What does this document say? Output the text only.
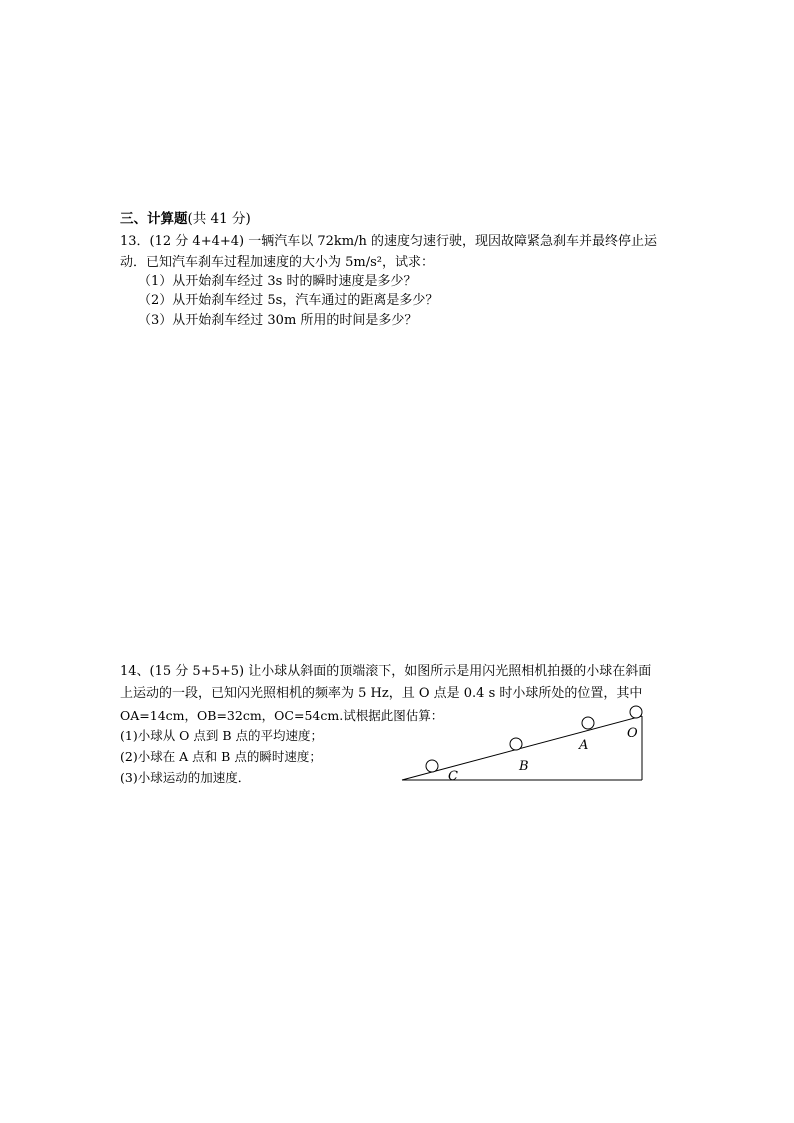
三、计算题(共 41 分)
13．(12 分 4+4+4) 一辆汽车以 72km/h 的速度匀速行驶，现因故障紧急刹车并最终停止运
动．已知汽车刹车过程加速度的大小为 5m/s²，试求：
（1）从开始刹车经过 3s 时的瞬时速度是多少？
（2）从开始刹车经过 5s，汽车通过的距离是多少？
（3）从开始刹车经过 30m 所用的时间是多少？
14、(15 分 5+5+5) 让小球从斜面的顶端滚下，如图所示是用闪光照相机拍摄的小球在斜面
上运动的一段，已知闪光照相机的频率为 5 Hz，且 O 点是 0.4 s 时小球所处的位置，其中
OA=14cm，OB=32cm，OC=54cm.试根据此图估算：
(1)小球从 O 点到 B 点的平均速度；
(2)小球在 A 点和 B 点的瞬时速度；
(3)小球运动的加速度．	C
B
A
O
